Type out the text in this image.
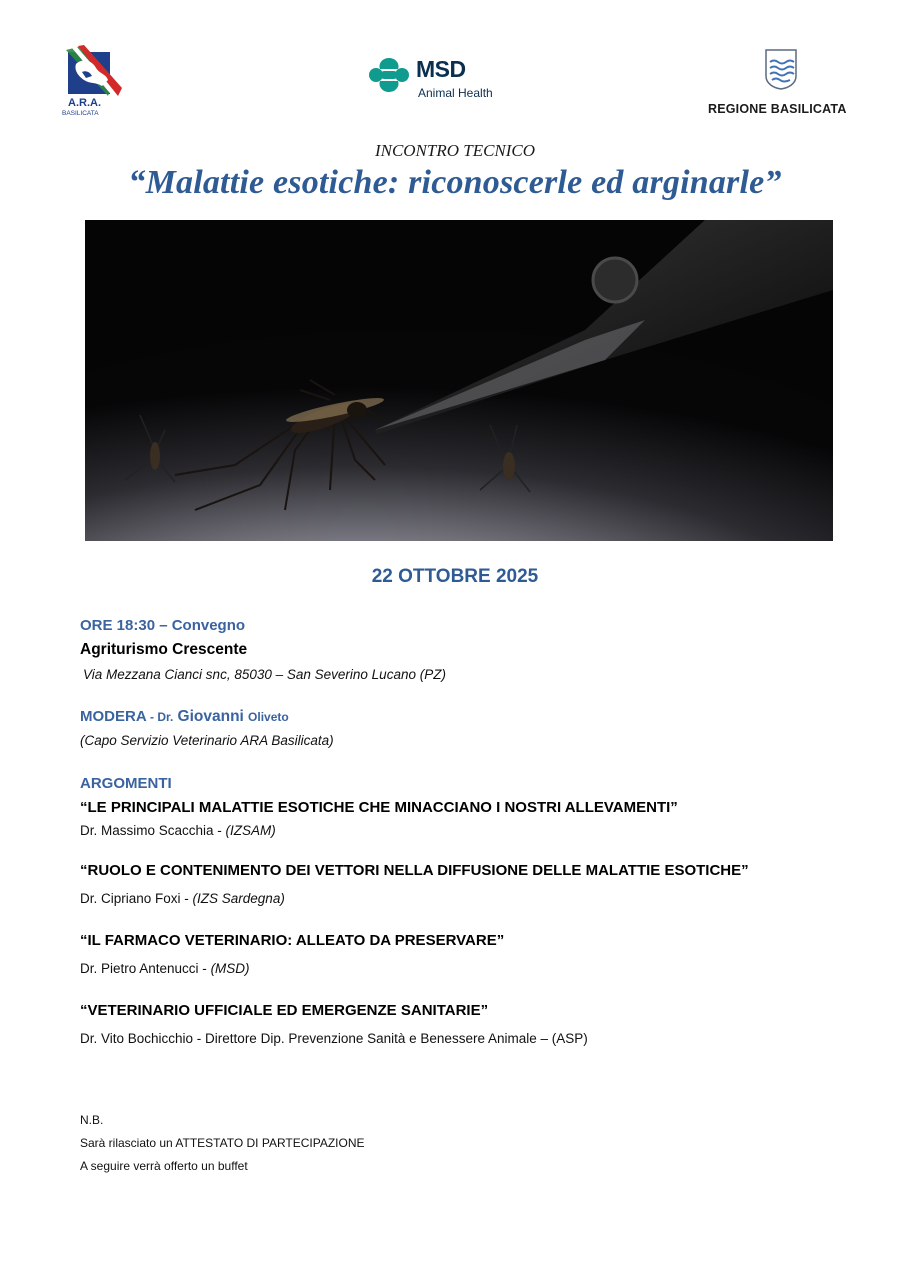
A.R.A.
BASILICATA
MSD
Animal Health
REGIONE BASILICATA
INCONTRO TECNICO
“Malattie esotiche: riconoscerle ed arginarle”
22 OTTOBRE 2025
ORE 18:30 – Convegno
Agriturismo Crescente
Via Mezzana Cianci snc, 85030 – San Severino Lucano (PZ)
MODERA - Dr. Giovanni Oliveto
(Capo Servizio Veterinario ARA Basilicata)
ARGOMENTI
“LE PRINCIPALI MALATTIE ESOTICHE CHE MINACCIANO I NOSTRI ALLEVAMENTI”
Dr. Massimo Scacchia - (IZSAM)
“RUOLO E CONTENIMENTO DEI VETTORI NELLA DIFFUSIONE DELLE MALATTIE ESOTICHE”
Dr. Cipriano Foxi - (IZS Sardegna)
“IL FARMACO VETERINARIO: ALLEATO DA PRESERVARE”
Dr. Pietro Antenucci - (MSD)
“VETERINARIO UFFICIALE ED EMERGENZE SANITARIE”
Dr. Vito Bochicchio - Direttore Dip. Prevenzione Sanità e Benessere Animale – (ASP)
N.B.
Sarà rilasciato un ATTESTATO DI PARTECIPAZIONE
A seguire verrà offerto un buffet
